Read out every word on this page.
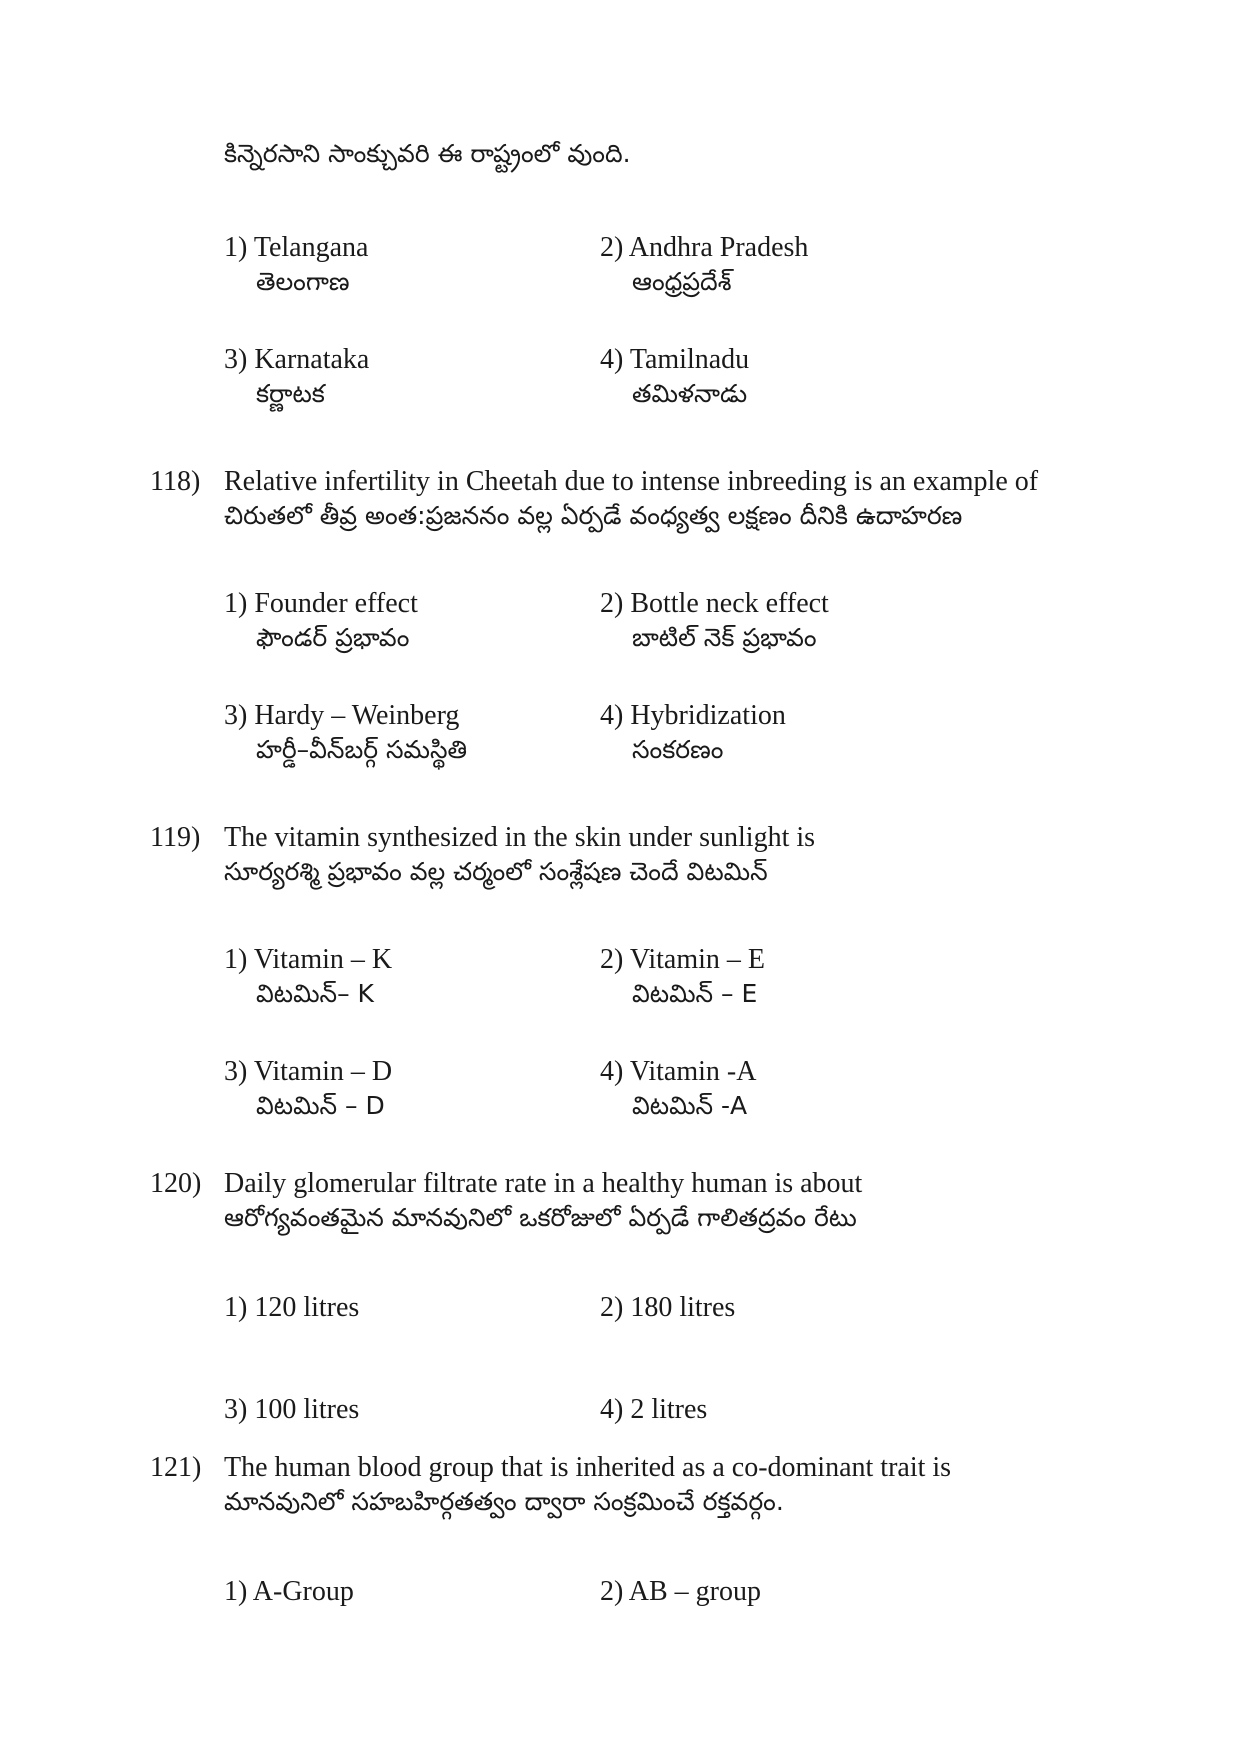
కిన్నెరసాని సాంక్చువరి ఈ రాష్ట్రంలో వుంది.
1) Telangana
తెలంగాణ
2) Andhra Pradesh
ఆంధ్రప్రదేశ్
3) Karnataka
కర్ణాటక
4) Tamilnadu
తమిళనాడు
118) Relative infertility in Cheetah due to intense inbreeding is an example of
చిరుతలో తీవ్ర అంత:ప్రజననం వల్ల ఏర్పడే వంధ్యత్వ లక్షణం దీనికి ఉదాహరణ
1) Founder effect
ఫౌండర్ ప్రభావం
2) Bottle neck effect
బాటిల్ నెక్ ప్రభావం
3) Hardy – Weinberg
హర్డీ–వీన్‌బర్గ్ సమస్థితి
4) Hybridization
సంకరణం
119) The vitamin synthesized in the skin under sunlight is
సూర్యరశ్మి ప్రభావం వల్ల చర్మంలో సంశ్లేషణ చెందే విటమిన్
1) Vitamin – K
విటమిన్– K
2) Vitamin – E
విటమిన్ – E
3) Vitamin – D
విటమిన్ – D
4) Vitamin -A
విటమిన్ -A
120) Daily glomerular filtrate rate in a healthy human is about
ఆరోగ్యవంతమైన మానవునిలో ఒకరోజులో ఏర్పడే గాలితద్రవం రేటు
1) 120 litres	2) 180 litres
3) 100 litres	4) 2 litres
121) The human blood group that is inherited as a co-dominant trait is
మానవునిలో సహబహిర్గతత్వం ద్వారా సంక్రమించే రక్తవర్గం.
1) A-Group	2) AB – group
